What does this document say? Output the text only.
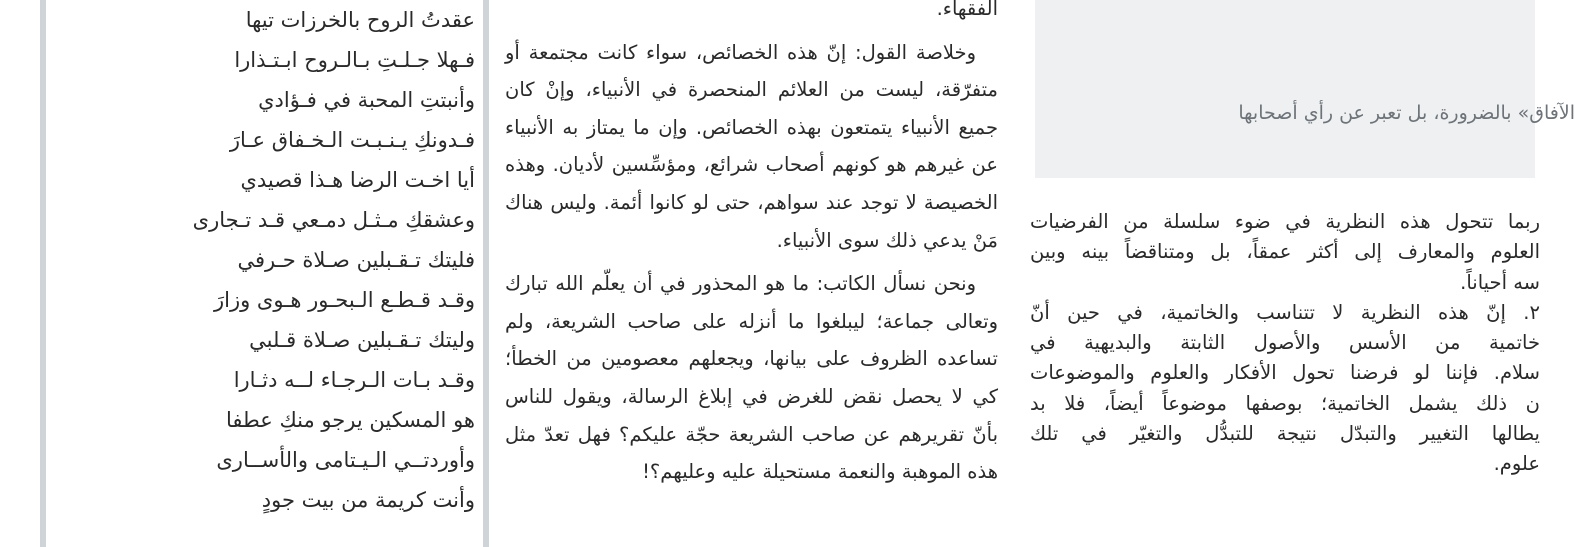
عقدتُ الروح بالخرزات تيها
فـهلا جـلـتِ بـالـروح ابـتـذارا
وأنبتتِ المحبة في فـؤادي
فـدونكِ يـنـبـت الـخـفاق عـارَ
أيا اخـت الرضا هـذا قصيدي
وعشقكِ مـثـل دمـعي قـد تـجارى
فليتك تـقـبلين صـلاة حـرفي
وقـد قـطـع الـبحـور هـوى وزارَ
وليتك تـقـبلين صـلاة قـلبي
وقـد بـات الـرجـاء لــه دثـارا
هو المسكين يرجو منكِ عطفا
وأوردتــي الـيـتامى والأســارى
وأنت كريمة من بيت جودٍ

الفقهاء.

وخلاصة القول: إنّ هذه الخصائص، سواء كانت مجتمعة أو متفرّقة، ليست من العلائم المنحصرة في الأنبياء، وإنْ كان جميع الأنبياء يتمتعون بهذه الخصائص. وإن ما يمتاز به الأنبياء عن غيرهم هو كونهم أصحاب شرائع، ومؤسِّسين لأديان. وهذه الخصيصة لا توجد عند سواهم، حتى لو كانوا أئمة. وليس هناك مَنْ يدعي ذلك سوى الأنبياء.

ونحن نسأل الكاتب: ما هو المحذور في أن يعلّم الله تبارك وتعالى جماعة؛ ليبلغوا ما أنزله على صاحب الشريعة، ولم تساعده الظروف على بيانها، ويجعلهم معصومين من الخطأ؛ كي لا يحصل نقض للغرض في إبلاغ الرسالة، ويقول للناس بأنّ تقريرهم عن صاحب الشريعة حجّة عليكم؟ فهل تعدّ مثل هذه الموهبة والنعمة مستحيلة عليه وعليهم؟!

الآفاق» بالضرورة، بل تعبر عن رأي أصحابها
ربما تتحول هذه النظرية في ضوء سلسلة من الفرضيات
العلوم والمعارف إلى أكثر عمقاً، بل ومتناقضاً بينه وبين
سه أحياناً.
٢. إنّ هذه النظرية لا تتناسب والخاتمية، في حين أنّ
خاتمية من الأسس والأصول الثابتة والبديهية في
سلام. فإننا لو فرضنا تحول الأفكار والعلوم والموضوعات
ن ذلك يشمل الخاتمية؛ بوصفها موضوعاً أيضاً، فلا بد
يطالها التغيير والتبدّل نتيجة للتبدُّل والتغيّر في تلك
علوم.
